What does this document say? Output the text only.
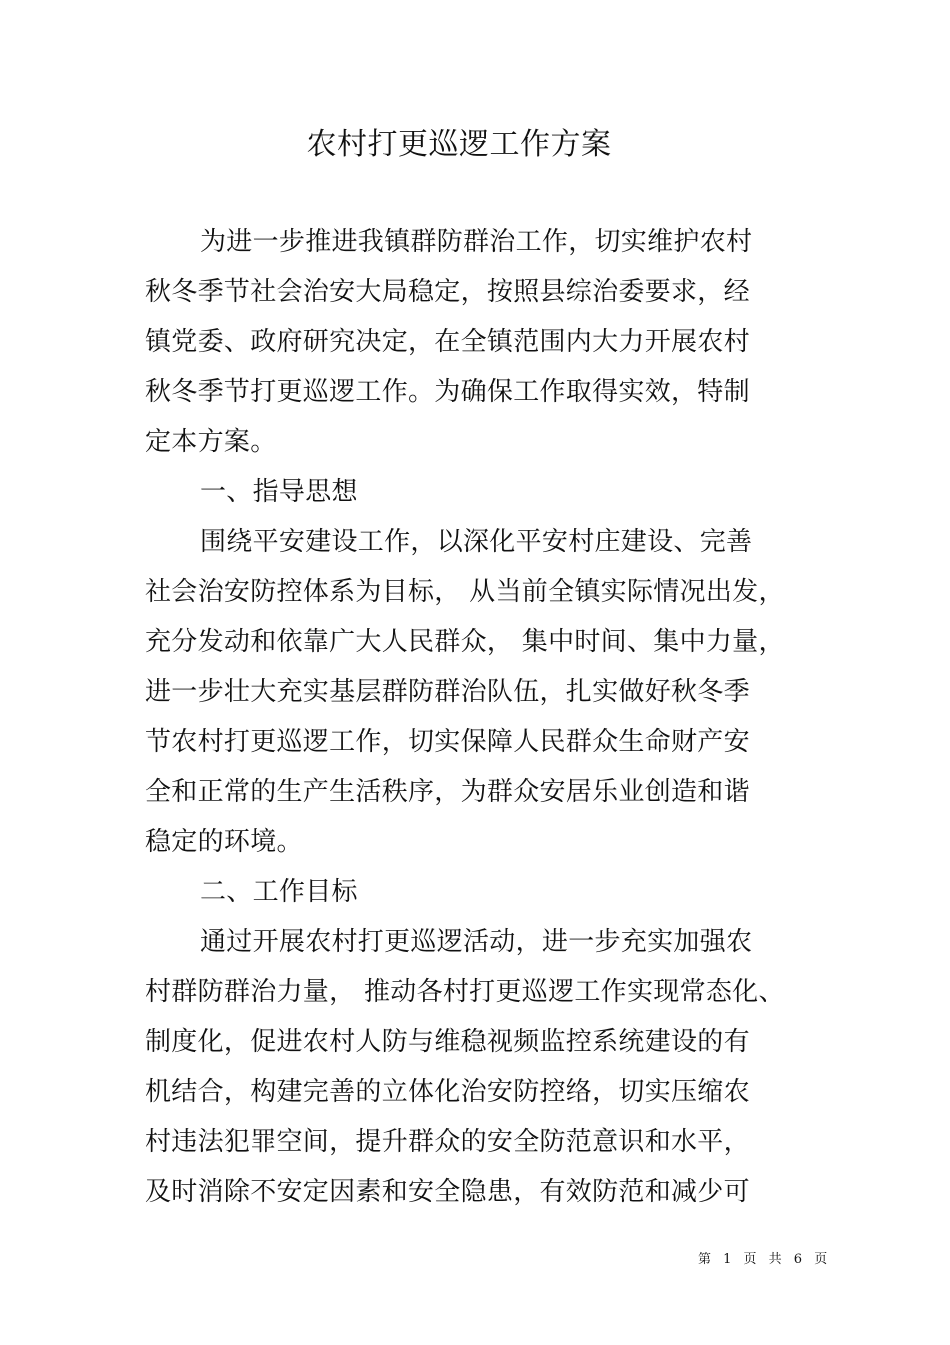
农村打更巡逻工作方案
为进一步推进我镇群防群治工作，切实维护农村
秋冬季节社会治安大局稳定，按照县综治委要求，经
镇党委、政府研究决定，在全镇范围内大力开展农村
秋冬季节打更巡逻工作。为确保工作取得实效，特制
定本方案。
一、指导思想
围绕平安建设工作，以深化平安村庄建设、完善
社会治安防控体系为目标， 从当前全镇实际情况出发，
充分发动和依靠广大人民群众， 集中时间、集中力量，
进一步壮大充实基层群防群治队伍，扎实做好秋冬季
节农村打更巡逻工作，切实保障人民群众生命财产安
全和正常的生产生活秩序，为群众安居乐业创造和谐
稳定的环境。
二、工作目标
通过开展农村打更巡逻活动，进一步充实加强农
村群防群治力量， 推动各村打更巡逻工作实现常态化、
制度化，促进农村人防与维稳视频监控系统建设的有
机结合，构建完善的立体化治安防控络，切实压缩农
村违法犯罪空间，提升群众的安全防范意识和水平，
及时消除不安定因素和安全隐患，有效防范和减少可
第 1 页 共 6 页
